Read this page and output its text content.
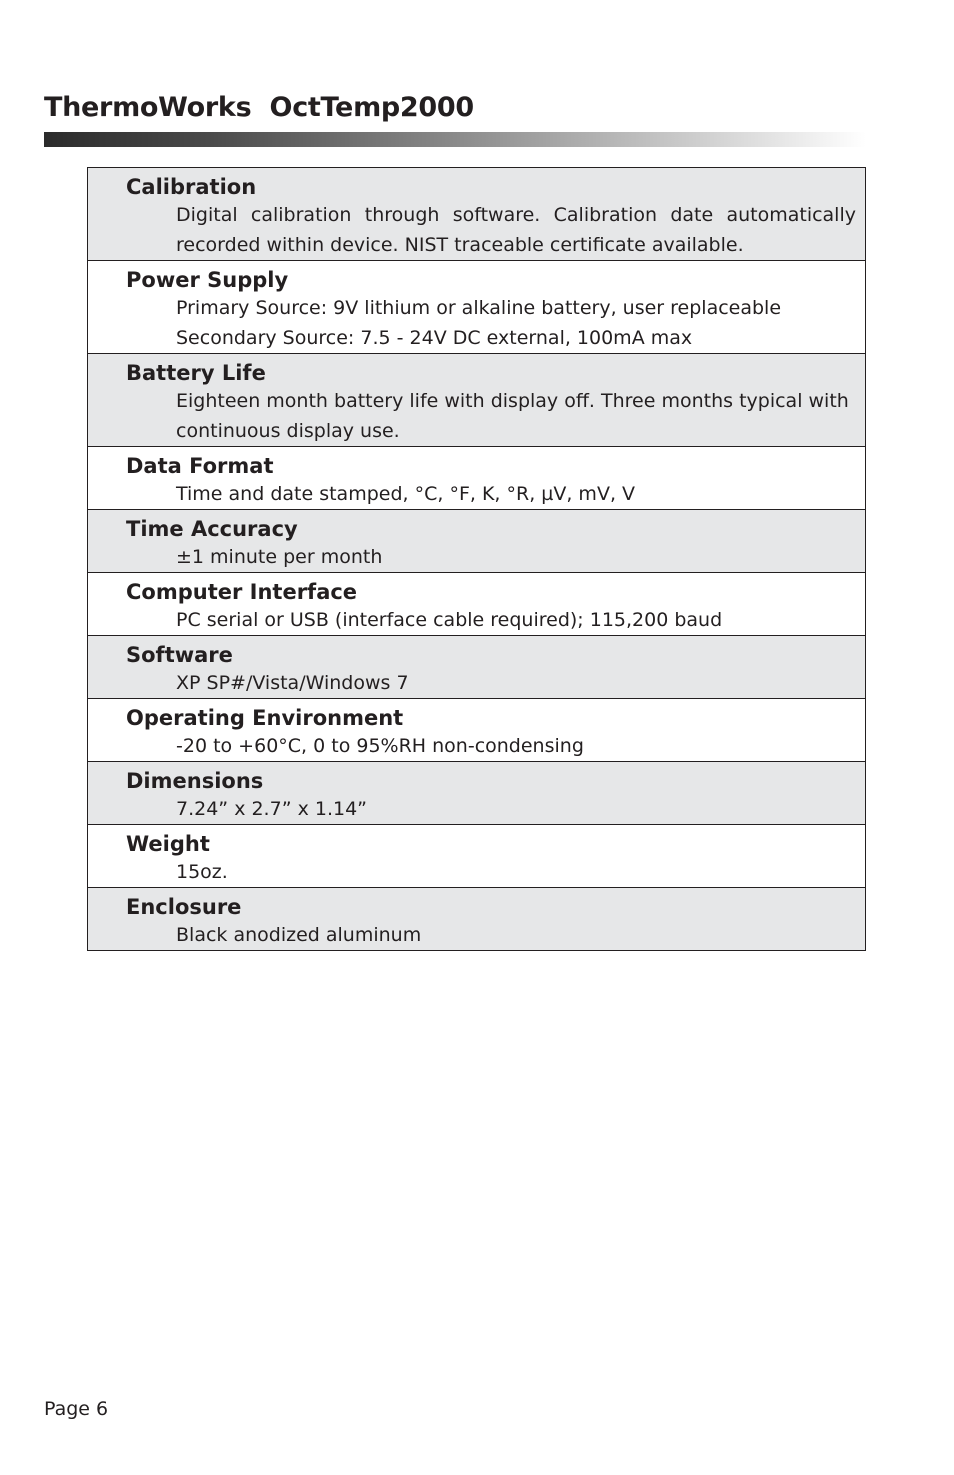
ThermoWorks  OctTemp2000
Calibration
Digital calibration through software. Calibration date automatically
recorded within device. NIST traceable certificate available.
Power Supply
Primary Source: 9V lithium or alkaline battery, user replaceable
Secondary Source: 7.5 - 24V DC external, 100mA max
Battery Life
Eighteen month battery life with display off. Three months typical with
continuous display use.
Data Format
Time and date stamped, °C, °F, K, °R, µV, mV, V
Time Accuracy
±1 minute per month
Computer Interface
PC serial or USB (interface cable required); 115,200 baud
Software
XP SP#/Vista/Windows 7
Operating Environment
-20 to +60°C, 0 to 95%RH non-condensing
Dimensions
7.24” x 2.7” x 1.14”
Weight
15oz.
Enclosure
Black anodized aluminum
Page 6
